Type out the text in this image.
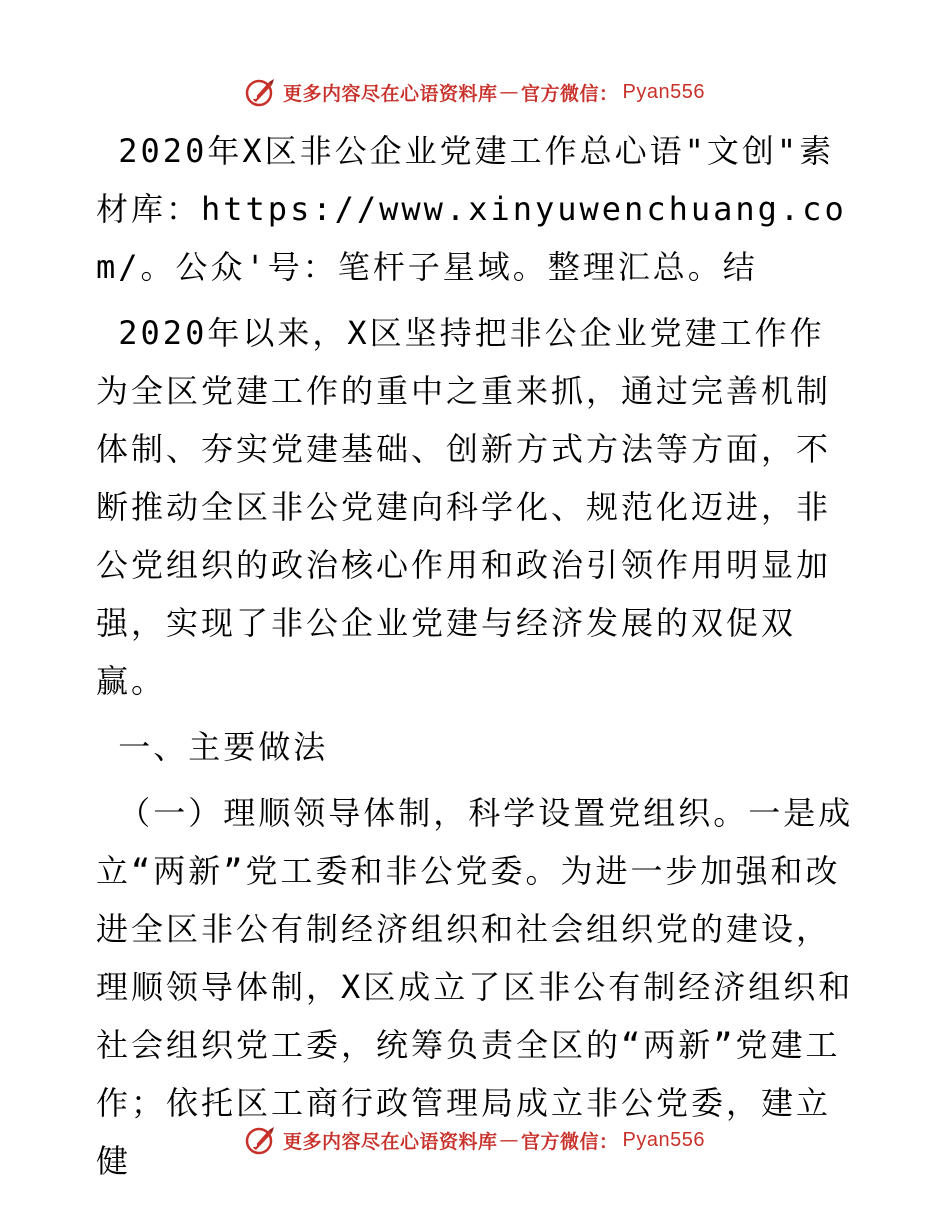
更多内容尽在心语资料库 — 官方微信： Pyan556

2020年X区非公企业党建工作总心语"文创"素材库：https://www.xinyuwenchuang.com/。公众'号：笔杆子星域。整理汇总。结

2020年以来，X区坚持把非公企业党建工作作为全区党建工作的重中之重来抓，通过完善机制体制、夯实党建基础、创新方式方法等方面，不断推动全区非公党建向科学化、规范化迈进，非公党组织的政治核心作用和政治引领作用明显加强，实现了非公企业党建与经济发展的双促双赢。

一、主要做法

（一）理顺领导体制，科学设置党组织。一是成立“两新”党工委和非公党委。为进一步加强和改进全区非公有制经济组织和社会组织党的建设，理顺领导体制，X区成立了区非公有制经济组织和社会组织党工委，统筹负责全区的“两新”党建工作；依托区工商行政管理局成立非公党委，建立健

更多内容尽在心语资料库 — 官方微信： Pyan556
